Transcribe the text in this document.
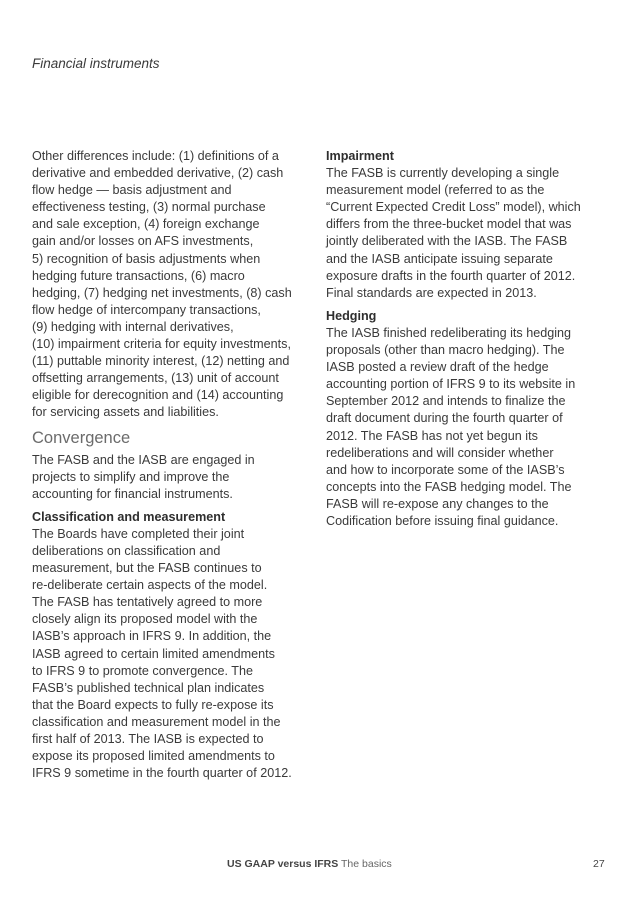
Financial instruments
Other differences include: (1) definitions of a
derivative and embedded derivative, (2) cash
flow hedge — basis adjustment and
effectiveness testing, (3) normal purchase
and sale exception, (4) foreign exchange
gain and/or losses on AFS investments,
5) recognition of basis adjustments when
hedging future transactions, (6) macro
hedging, (7) hedging net investments, (8) cash
flow hedge of intercompany transactions,
(9) hedging with internal derivatives,
(10) impairment criteria for equity investments,
(11) puttable minority interest, (12) netting and
offsetting arrangements, (13) unit of account
eligible for derecognition and (14) accounting
for servicing assets and liabilities.
Convergence
The FASB and the IASB are engaged in
projects to simplify and improve the
accounting for financial instruments.
Classification and measurement
The Boards have completed their joint
deliberations on classification and
measurement, but the FASB continues to
re-deliberate certain aspects of the model.
The FASB has tentatively agreed to more
closely align its proposed model with the
IASB’s approach in IFRS 9. In addition, the
IASB agreed to certain limited amendments
to IFRS 9 to promote convergence. The
FASB’s published technical plan indicates
that the Board expects to fully re-expose its
classification and measurement model in the
first half of 2013. The IASB is expected to
expose its proposed limited amendments to
IFRS 9 sometime in the fourth quarter of 2012.
Impairment
The FASB is currently developing a single
measurement model (referred to as the
“Current Expected Credit Loss” model), which
differs from the three-bucket model that was
jointly deliberated with the IASB. The FASB
and the IASB anticipate issuing separate
exposure drafts in the fourth quarter of 2012.
Final standards are expected in 2013.
Hedging
The IASB finished redeliberating its hedging
proposals (other than macro hedging). The
IASB posted a review draft of the hedge
accounting portion of IFRS 9 to its website in
September 2012 and intends to finalize the
draft document during the fourth quarter of
2012. The FASB has not yet begun its
redeliberations and will consider whether
and how to incorporate some of the IASB’s
concepts into the FASB hedging model. The
FASB will re-expose any changes to the
Codification before issuing final guidance.
US GAAP versus IFRS The basics	27
